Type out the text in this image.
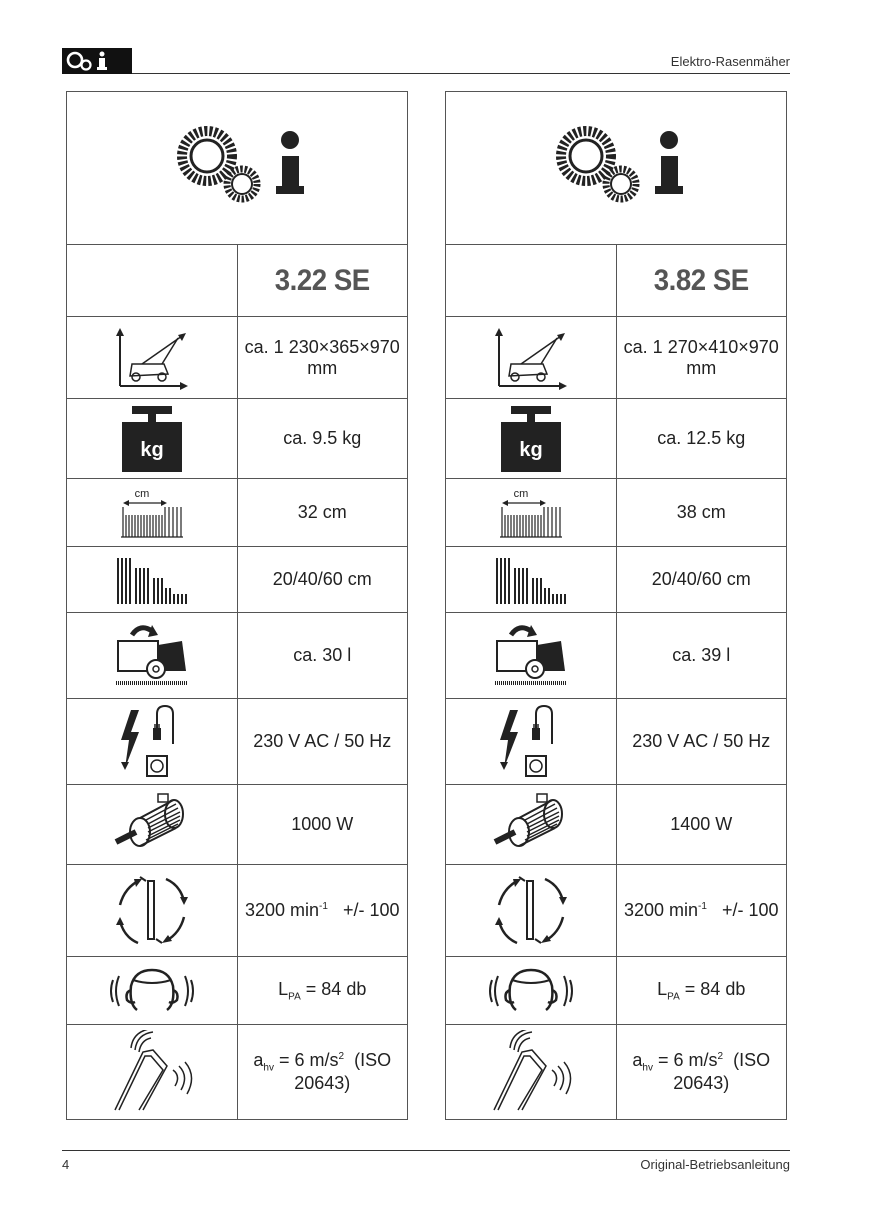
Elektro-Rasenmäher

	3.22 SE

	ca. 1 230×365×970 mm

kg	ca. 9.5 kg

cm	32 cm

	20/40/60 cm

	ca. 30 l

	230 V AC / 50 Hz

	1000 W

	3200 $\min^{-1}$ +/- 100

	$L_{PA} = 84$ db

	$a_{hv} = 6$ $m/s^2$ (ISO 20643)

	3.82 SE

	ca. 1 270×410×970 mm

kg	ca. 12.5 kg

cm	38 cm

	20/40/60 cm

	ca. 39 l

	230 V AC / 50 Hz

	1400 W

	3200 $\min^{-1}$ +/- 100

	$L_{PA} = 84$ db

	$a_{hv} = 6$ $m/s^2$ (ISO 20643)
4	Original-Betriebsanleitung
